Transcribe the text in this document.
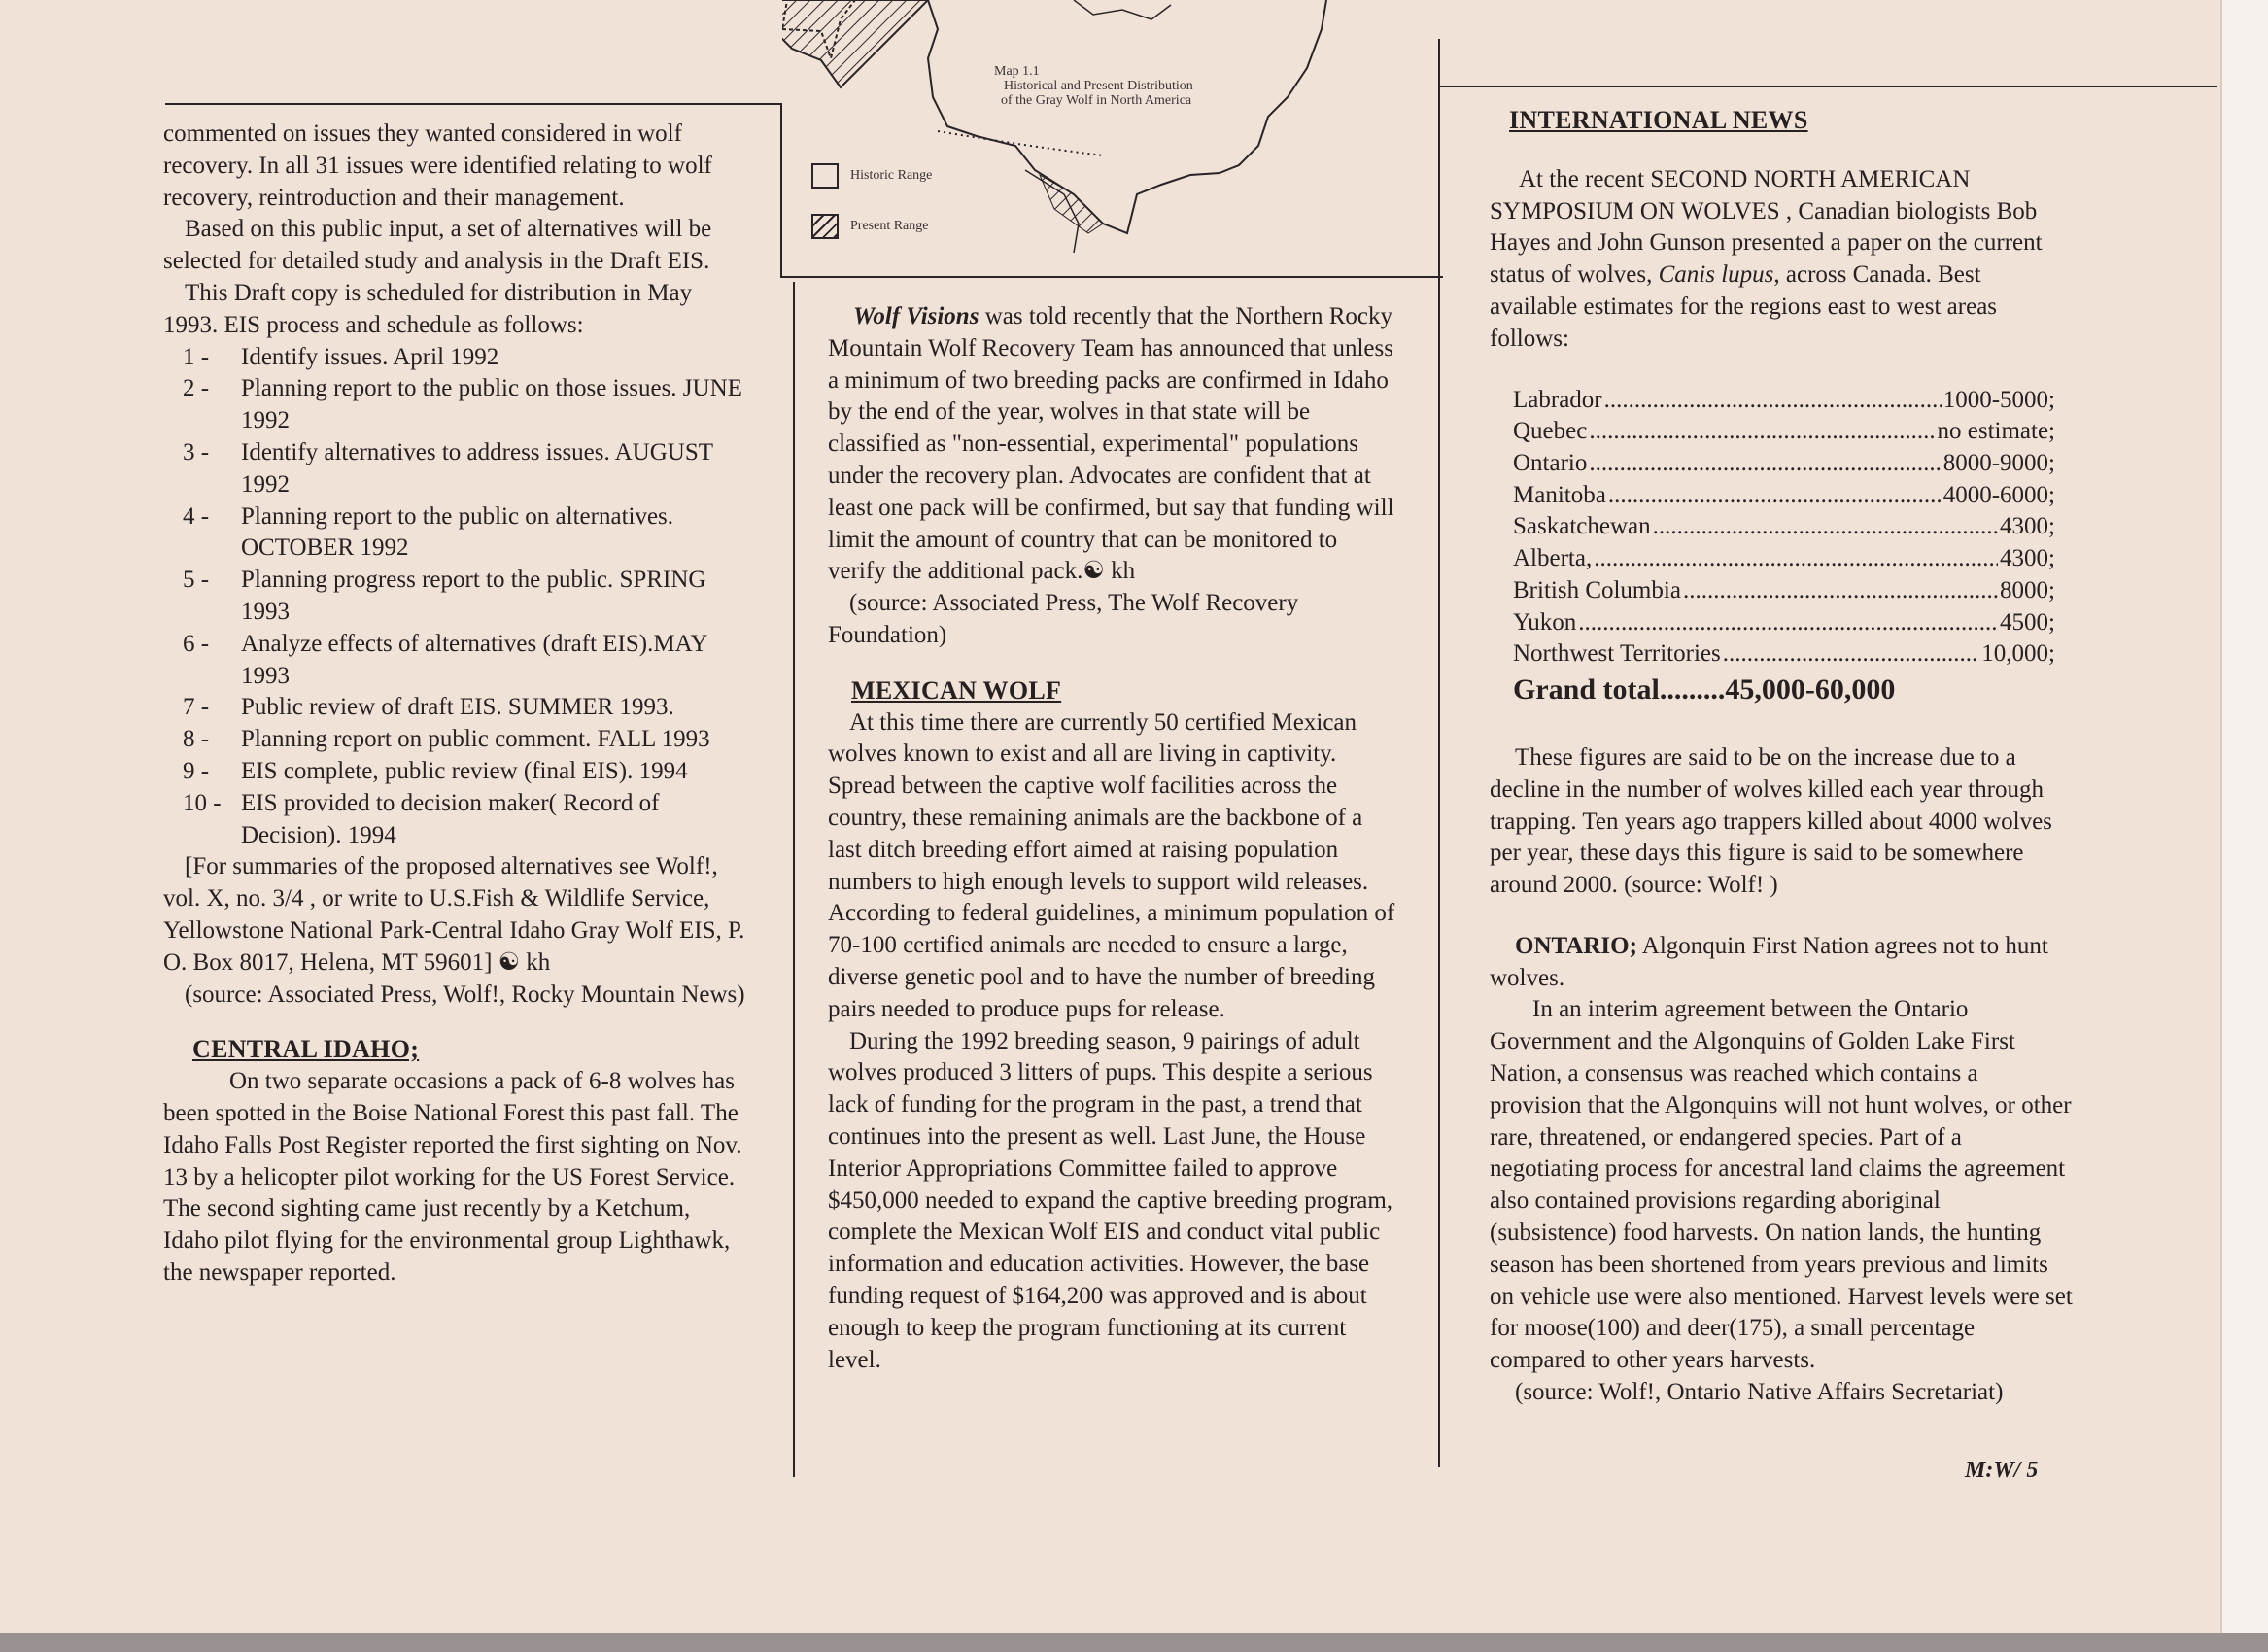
Map 1.1
Historical and Present Distribution
of the Gray Wolf in North America
Historic Range
Present Range

commented on issues they wanted considered in wolf recovery. In all 31 issues were identified relating to wolf recovery, reintroduction and their management.

Based on this public input, a set of alternatives will be selected for detailed study and analysis in the Draft EIS.

This Draft copy is scheduled for distribution in May 1993. EIS process and schedule as follows:

1 -	Identify issues. April 1992
2 -	Planning report to the public on those issues. JUNE 1992
3 -	Identify alternatives to address issues. AUGUST 1992
4 -	Planning report to the public on alternatives. OCTOBER 1992
5 -	Planning progress report to the public. SPRING 1993
6 -	Analyze effects of alternatives (draft EIS).MAY 1993
7 -	Public review of draft EIS. SUMMER 1993.
8 -	Planning report on public comment. FALL 1993
9 -	EIS complete, public review (final EIS). 1994
10 - EIS provided to decision maker( Record of Decision). 1994

[For summaries of the proposed alternatives see Wolf!, vol. X, no. 3/4 , or write to U.S.Fish & Wildlife Service, Yellowstone National Park-Central Idaho Gray Wolf EIS, P. O. Box 8017, Helena, MT 59601] ☯ kh

(source: Associated Press, Wolf!, Rocky Mountain News)

CENTRAL IDAHO;

On two separate occasions a pack of 6-8 wolves has been spotted in the Boise National Forest this past fall. The Idaho Falls Post Register reported the first sighting on Nov. 13 by a helicopter pilot working for the US Forest Service. The second sighting came just recently by a Ketchum, Idaho pilot flying for the environmental group Lighthawk, the newspaper reported.

Wolf Visions was told recently that the Northern Rocky Mountain Wolf Recovery Team has announced that unless a minimum of two breeding packs are confirmed in Idaho by the end of the year, wolves in that state will be classified as "non-essential, experimental" populations under the recovery plan. Advocates are confident that at least one pack will be confirmed, but say that funding will limit the amount of country that can be monitored to verify the additional pack.☯ kh

(source: Associated Press, The Wolf Recovery Foundation)

MEXICAN WOLF

At this time there are currently 50 certified Mexican wolves known to exist and all are living in captivity. Spread between the captive wolf facilities across the country, these remaining animals are the backbone of a last ditch breeding effort aimed at raising population numbers to high enough levels to support wild releases. According to federal guidelines, a minimum population of 70-100 certified animals are needed to ensure a large, diverse genetic pool and to have the number of breeding pairs needed to produce pups for release.

During the 1992 breeding season, 9 pairings of adult wolves produced 3 litters of pups. This despite a serious lack of funding for the program in the past, a trend that continues into the present as well. Last June, the House Interior Appropriations Committee failed to approve $450,000 needed to expand the captive breeding program, complete the Mexican Wolf EIS and conduct vital public information and education activities. However, the base funding request of $164,200 was approved and is about enough to keep the program functioning at its current level.

INTERNATIONAL NEWS

At the recent SECOND NORTH AMERICAN SYMPOSIUM ON WOLVES , Canadian biologists Bob Hayes and John Gunson presented a paper on the current status of wolves, Canis lupus, across Canada. Best available estimates for the regions east to west areas follows:

Labrador .....	1000-5000;
Quebec .....	no estimate;
Ontario .....	8000-9000;
Manitoba .....	4000-6000;
Saskatchewan .....	4300;
Alberta, .....	4300;
British Columbia .....	8000;
Yukon .....	4500;
Northwest Territories .....	10,000;

Grand total.........45,000-60,000

These figures are said to be on the increase due to a decline in the number of wolves killed each year through trapping. Ten years ago trappers killed about 4000 wolves per year, these days this figure is said to be somewhere around 2000. (source: Wolf! )

ONTARIO; Algonquin First Nation agrees not to hunt wolves.

In an interim agreement between the Ontario Government and the Algonquins of Golden Lake First Nation, a consensus was reached which contains a provision that the Algonquins will not hunt wolves, or other rare, threatened, or endangered species. Part of a negotiating process for ancestral land claims the agreement also contained provisions regarding aboriginal (subsistence) food harvests. On nation lands, the hunting season has been shortened from years previous and limits on vehicle use were also mentioned. Harvest levels were set for moose(100) and deer(175), a small percentage compared to other years harvests.

(source: Wolf!, Ontario Native Affairs Secretariat)

M:W/ 5
